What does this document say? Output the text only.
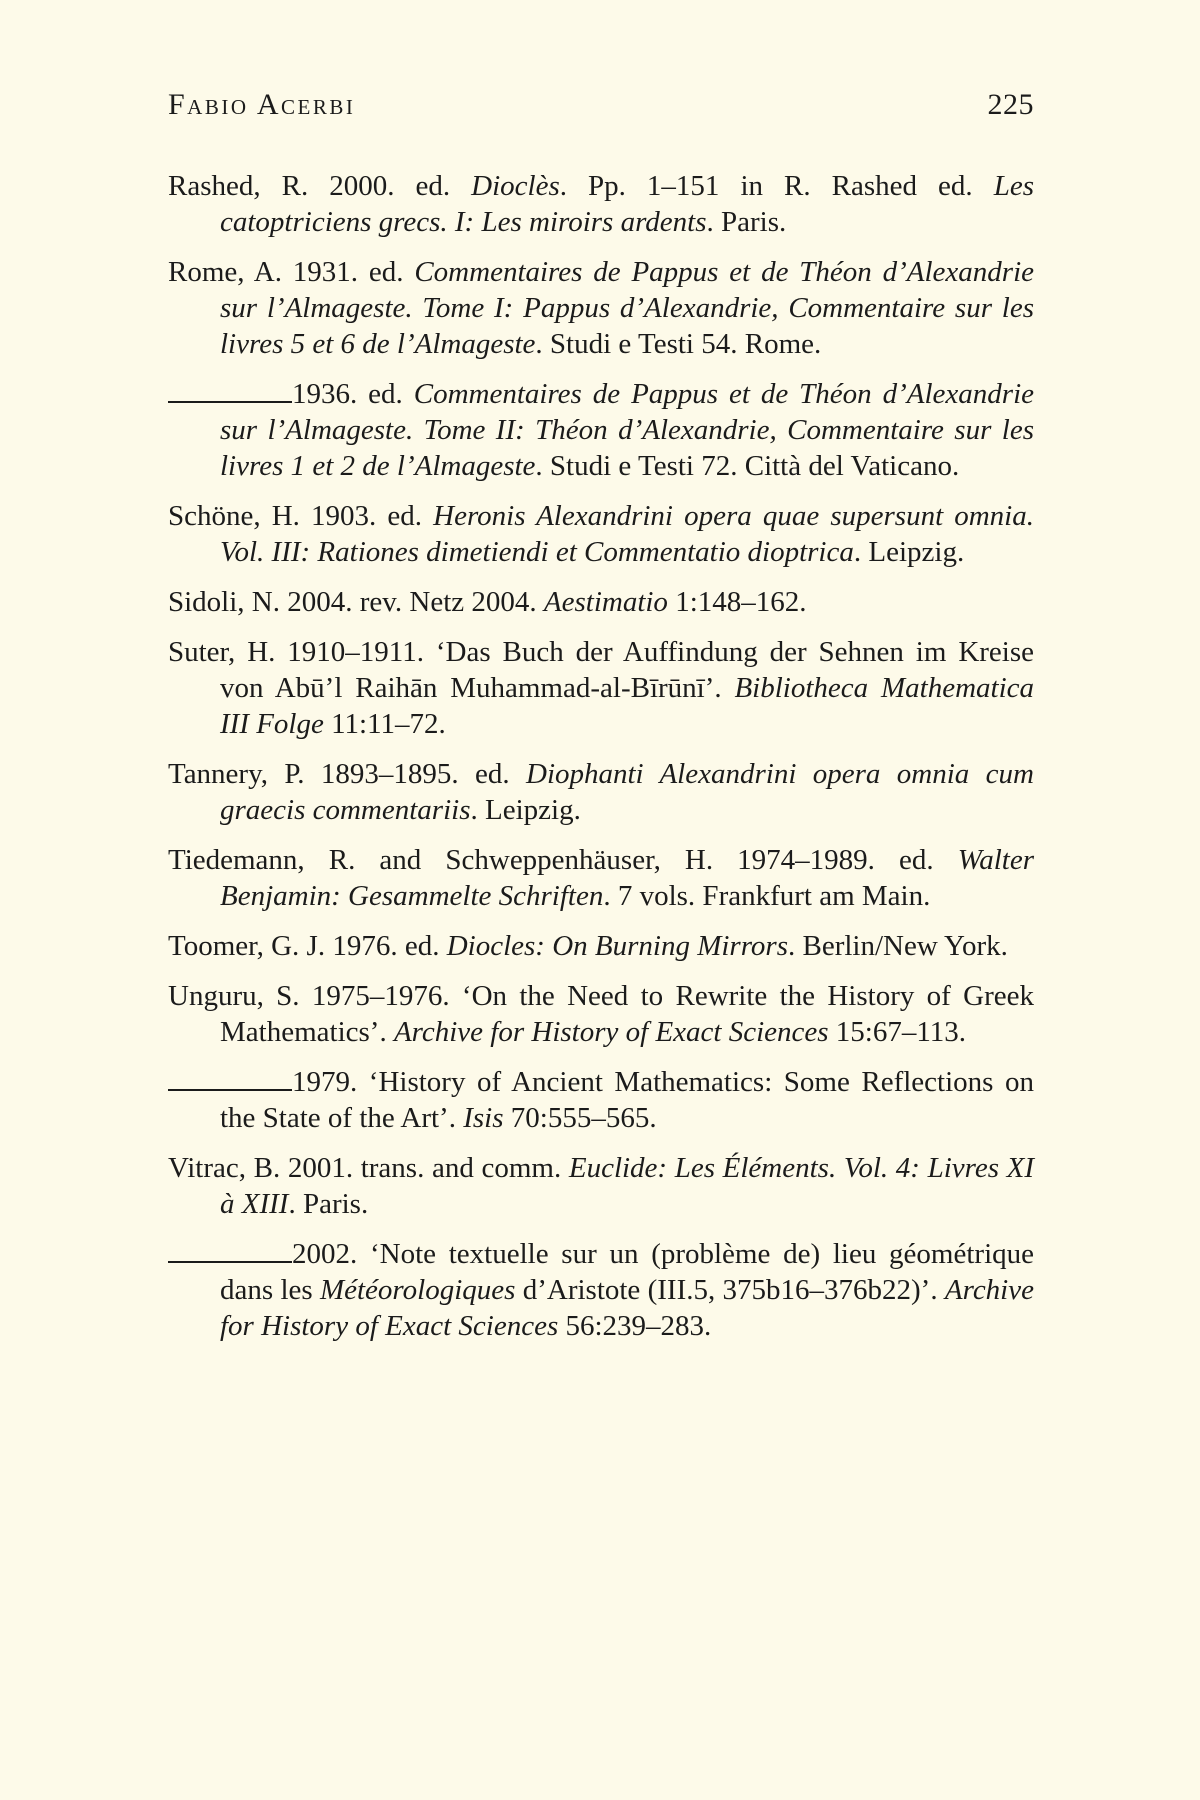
Fabio Acerbi	225

Rashed, R. 2000. ed. Dioclès. Pp. 1–151 in R. Rashed ed. Les catoptriciens grecs. I: Les miroirs ardents. Paris.

Rome, A. 1931. ed. Commentaires de Pappus et de Théon d’Alexandrie sur l’Almageste. Tome I: Pappus d’Alexandrie, Commentaire sur les livres 5 et 6 de l’Almageste. Studi e Testi 54. Rome.

1936. ed. Commentaires de Pappus et de Théon d’Alexandrie sur l’Almageste. Tome II: Théon d’Alexandrie, Commentaire sur les livres 1 et 2 de l’Almageste. Studi e Testi 72. Città del Vaticano.

Schöne, H. 1903. ed. Heronis Alexandrini opera quae supersunt omnia. Vol. III: Rationes dimetiendi et Commentatio dioptrica. Leipzig.

Sidoli, N. 2004. rev. Netz 2004. Aestimatio 1:148–162.

Suter, H. 1910–1911. ‘Das Buch der Auffindung der Sehnen im Kreise von Abū’l Raihān Muhammad-al-Bīrūnī’. Bibliotheca Mathematica III Folge 11:11–72.

Tannery, P. 1893–1895. ed. Diophanti Alexandrini opera omnia cum graecis commentariis. Leipzig.

Tiedemann, R. and Schweppenhäuser, H. 1974–1989. ed. Walter Benjamin: Gesammelte Schriften. 7 vols. Frankfurt am Main.

Toomer, G. J. 1976. ed. Diocles: On Burning Mirrors. Berlin/New York.

Unguru, S. 1975–1976. ‘On the Need to Rewrite the History of Greek Mathematics’. Archive for History of Exact Sciences 15:67–113.

1979. ‘History of Ancient Mathematics: Some Reflections on the State of the Art’. Isis 70:555–565.

Vitrac, B. 2001. trans. and comm. Euclide: Les Éléments. Vol. 4: Livres XI à XIII. Paris.

2002. ‘Note textuelle sur un (problème de) lieu géométrique dans les Météorologiques d’Aristote (III.5, 375b16–376b22)’. Archive for History of Exact Sciences 56:239–283.
